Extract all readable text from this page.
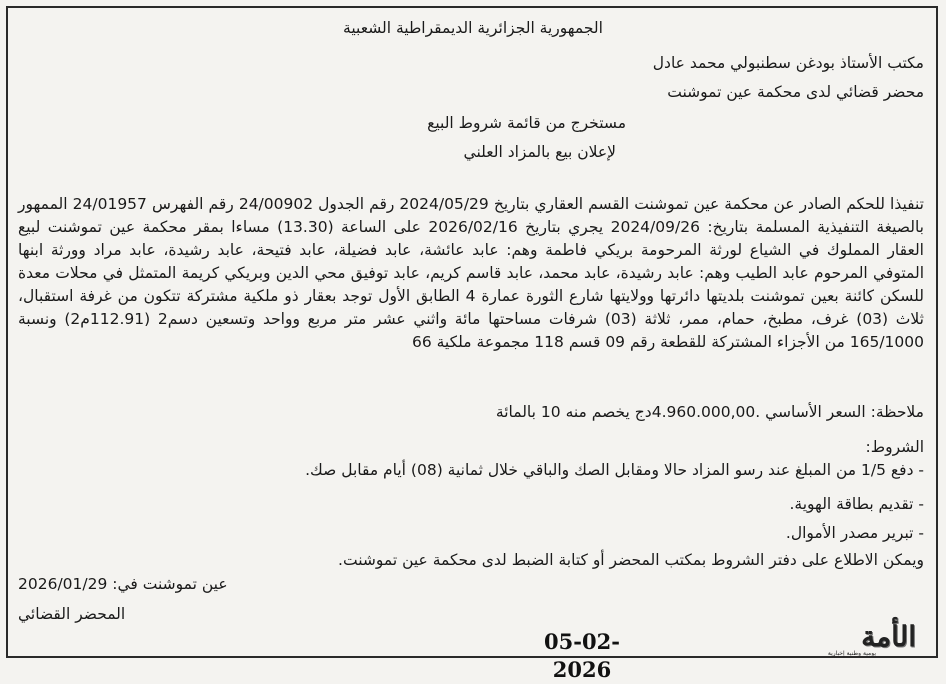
الجمهورية الجزائرية الديمقراطية الشعبية
مكتب الأستاذ بودغن سطنبولي محمد عادل
محضر قضائي لدى محكمة عين تموشنت
مستخرج من قائمة شروط البيع
لإعلان بيع بالمزاد العلني

تنفيذا للحكم الصادر عن محكمة عين تموشنت القسم العقاري بتاريخ 2024/05/29 رقم الجدول 24/00902 رقم الفهرس 24/01957 الممهور بالصيغة التنفيذية المسلمة بتاريخ: 2024/09/26 يجري بتاريخ 2026/02/16 على الساعة (13.30) مساءا بمقر محكمة عين تموشنت لبيع العقار المملوك في الشياع لورثة المرحومة بريكي فاطمة وهم: عابد عائشة، عابد فضيلة، عابد فتيحة، عابد رشيدة، عابد مراد وورثة ابنها المتوفي المرحوم عابد الطيب وهم: عابد رشيدة، عابد محمد، عابد قاسم كريم، عابد توفيق محي الدين وبريكي كريمة المتمثل في محلات معدة للسكن كائنة بعين تموشنت بلديتها دائرتها وولايتها شارع الثورة عمارة 4 الطابق الأول توجد بعقار ذو ملكية مشتركة تتكون من غرفة استقبال، ثلاث (03) غرف، مطبخ، حمام، ممر، ثلاثة (03) شرفات مساحتها مائة واثني عشر متر مربع وواحد وتسعين دسم2 (112.91م2) ونسبة 165/1000 من الأجزاء المشتركة للقطعة رقم 09 قسم 118 مجموعة ملكية 66

ملاحظة: السعر الأساسي .4.960.000,00دج يخصم منه 10 بالمائة
الشروط:
- دفع 1/5 من المبلغ عند رسو المزاد حالا ومقابل الصك والباقي خلال ثمانية (08) أيام مقابل صك.
- تقديم بطاقة الهوية.
- تبرير مصدر الأموال.
ويمكن الاطلاع على دفتر الشروط بمكتب المحضر أو كتابة الضبط لدى محكمة عين تموشنت.
عين تموشنت في: 2026/01/29
المحضر القضائي
05-02-2026
الأمة
يومية وطنية إخبارية
